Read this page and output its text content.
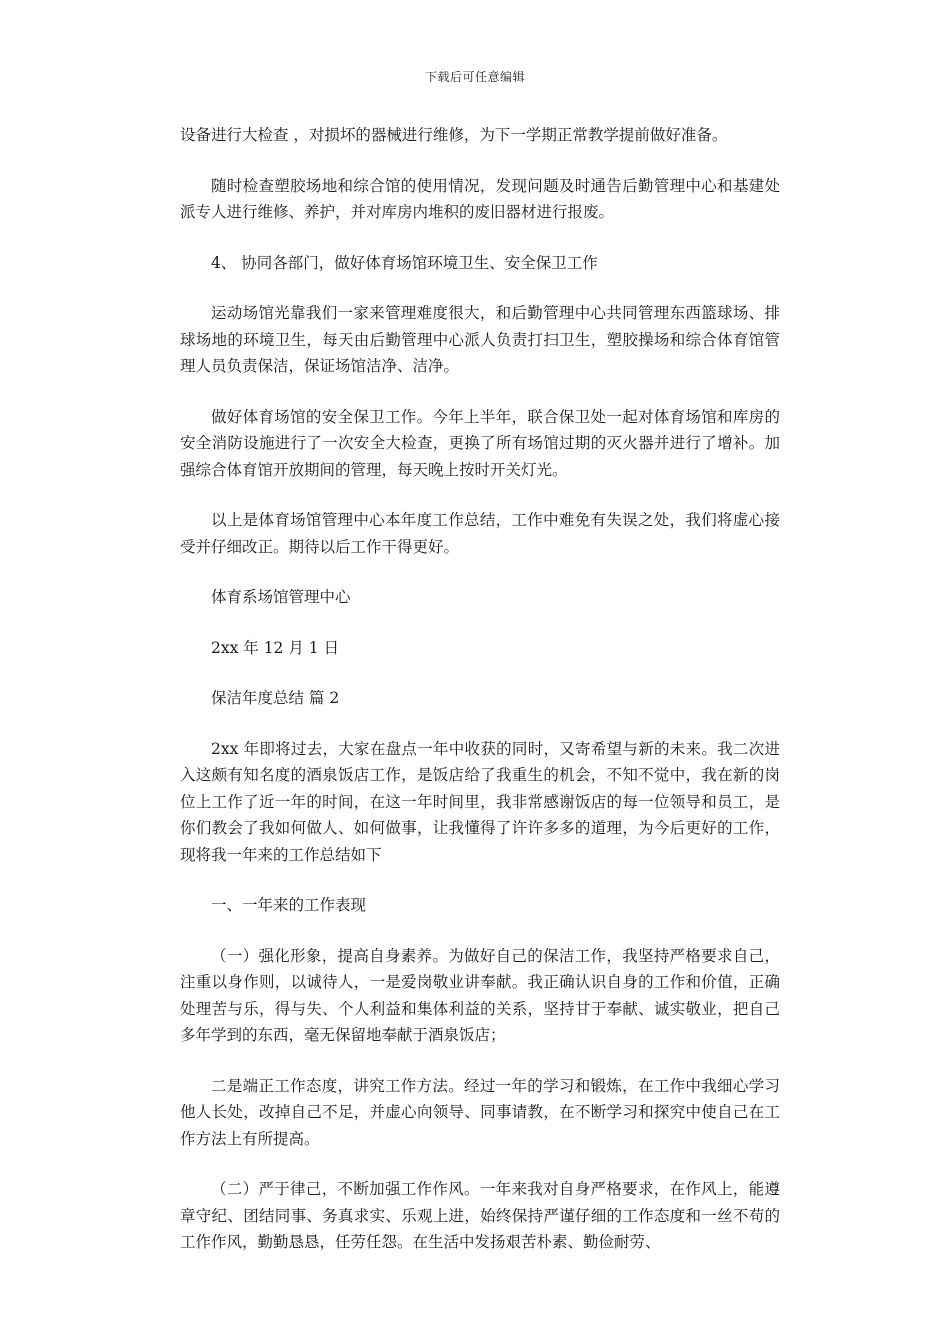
下载后可任意编辑

设备进行大检查 ，对损坏的器械进行维修，为下一学期正常教学提前做好准备。

随时检查塑胶场地和综合馆的使用情况，发现问题及时通告后勤管理中心和基建处派专人进行维修、养护，并对库房内堆积的废旧器材进行报废。

4、 协同各部门，做好体育场馆环境卫生、安全保卫工作

运动场馆光靠我们一家来管理难度很大，和后勤管理中心共同管理东西篮球场、排球场地的环境卫生，每天由后勤管理中心派人负责打扫卫生，塑胶操场和综合体育馆管理人员负责保洁，保证场馆洁净、洁净。

做好体育场馆的安全保卫工作。今年上半年，联合保卫处一起对体育场馆和库房的安全消防设施进行了一次安全大检查，更换了所有场馆过期的灭火器并进行了增补。加强综合体育馆开放期间的管理，每天晚上按时开关灯光。

以上是体育场馆管理中心本年度工作总结，工作中难免有失误之处，我们将虚心接受并仔细改正。期待以后工作干得更好。

体育系场馆管理中心

2xx 年 12 月 1 日

保洁年度总结 篇 2

2xx 年即将过去，大家在盘点一年中收获的同时，又寄希望与新的未来。我二次进入这颇有知名度的酒泉饭店工作，是饭店给了我重生的机会，不知不觉中，我在新的岗位上工作了近一年的时间，在这一年时间里，我非常感谢饭店的每一位领导和员工，是你们教会了我如何做人、如何做事，让我懂得了许许多多的道理，为今后更好的工作，现将我一年来的工作总结如下

一、一年来的工作表现

（一）强化形象，提高自身素养。为做好自己的保洁工作，我坚持严格要求自己，注重以身作则，以诚待人，一是爱岗敬业讲奉献。我正确认识自身的工作和价值，正确处理苦与乐，得与失、个人利益和集体利益的关系，坚持甘于奉献、诚实敬业，把自己多年学到的东西，毫无保留地奉献于酒泉饭店；

二是端正工作态度，讲究工作方法。经过一年的学习和锻炼，在工作中我细心学习他人长处，改掉自己不足，并虚心向领导、同事请教，在不断学习和探究中使自己在工作方法上有所提高。

（二）严于律己，不断加强工作作风。一年来我对自身严格要求，在作风上，能遵章守纪、团结同事、务真求实、乐观上进，始终保持严谨仔细的工作态度和一丝不苟的工作作风，勤勤恳恳，任劳任怨。在生活中发扬艰苦朴素、勤俭耐劳、
